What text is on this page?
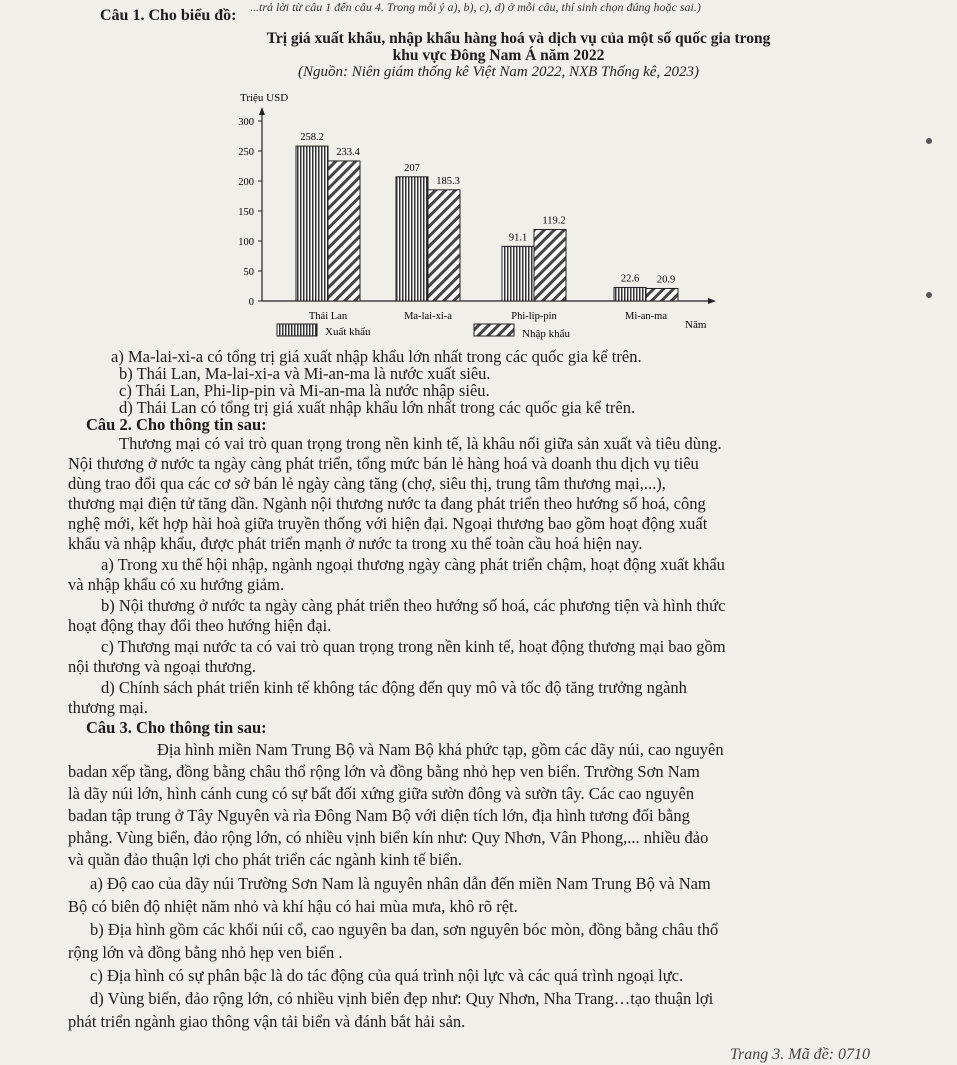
...trả lời từ câu 1 đến câu 4. Trong mỗi ý a), b), c), d) ở mỗi câu, thí sinh chọn đúng hoặc sai.)
Câu 1. Cho biểu đồ:
Trị giá xuất khẩu, nhập khẩu hàng hoá và dịch vụ của một số quốc gia trong
khu vực Đông Nam Á năm 2022
(Nguồn: Niên giám thống kê Việt Nam 2022, NXB Thống kê, 2023)
Triệu USD
0
50
100
150
200
250
300
258.2
233.4
Thái Lan
207
185.3
Ma-lai-xi-a
91.1
119.2
Phi-lip-pin
22.6 20.9
Mi-an-ma
Năm
Xuất khẩu	Nhập khẩu
a) Ma-lai-xi-a có tổng trị giá xuất nhập khẩu lớn nhất trong các quốc gia kể trên.
b) Thái Lan, Ma-lai-xi-a và Mi-an-ma là nước xuất siêu.
c) Thái Lan, Phi-lip-pin và Mi-an-ma là nước nhập siêu.
d) Thái Lan có tổng trị giá xuất nhập khẩu lớn nhất trong các quốc gia kể trên.
Câu 2. Cho thông tin sau:
Thương mại có vai trò quan trọng trong nền kinh tế, là khâu nối giữa sản xuất và tiêu dùng.
Nội thương ở nước ta ngày càng phát triển, tổng mức bán lẻ hàng hoá và doanh thu dịch vụ tiêu
dùng trao đổi qua các cơ sở bán lẻ ngày càng tăng (chợ, siêu thị, trung tâm thương mại,...),
thương mại điện tử tăng dần. Ngành nội thương nước ta đang phát triển theo hướng số hoá, công
nghệ mới, kết hợp hài hoà giữa truyền thống với hiện đại. Ngoại thương bao gồm hoạt động xuất
khẩu và nhập khẩu, được phát triển mạnh ở nước ta trong xu thế toàn cầu hoá hiện nay.
a) Trong xu thế hội nhập, ngành ngoại thương ngày càng phát triển chậm, hoạt động xuất khẩu
và nhập khẩu có xu hướng giảm.
b) Nội thương ở nước ta ngày càng phát triển theo hướng số hoá, các phương tiện và hình thức
hoạt động thay đổi theo hướng hiện đại.
c) Thương mại nước ta có vai trò quan trọng trong nền kinh tế, hoạt động thương mại bao gồm
nội thương và ngoại thương.
d) Chính sách phát triển kinh tế không tác động đến quy mô và tốc độ tăng trưởng ngành
thương mại.
Câu 3. Cho thông tin sau:
Địa hình miền Nam Trung Bộ và Nam Bộ khá phức tạp, gồm các dãy núi, cao nguyên
badan xếp tầng, đồng bằng châu thổ rộng lớn và đồng bằng nhỏ hẹp ven biển. Trường Sơn Nam
là dãy núi lớn, hình cánh cung có sự bất đối xứng giữa sườn đông và sườn tây. Các cao nguyên
badan tập trung ở Tây Nguyên và rìa Đông Nam Bộ với diện tích lớn, địa hình tương đối bằng
phẳng. Vùng biển, đảo rộng lớn, có nhiều vịnh biển kín như: Quy Nhơn, Vân Phong,... nhiều đảo
và quần đảo thuận lợi cho phát triển các ngành kinh tế biển.
a) Độ cao của dãy núi Trường Sơn Nam là nguyên nhân dẫn đến miền Nam Trung Bộ và Nam
Bộ có biên độ nhiệt năm nhỏ và khí hậu có hai mùa mưa, khô rõ rệt.
b) Địa hình gồm các khối núi cổ, cao nguyên ba dan, sơn nguyên bóc mòn, đồng bằng châu thổ
rộng lớn và đồng bằng nhỏ hẹp ven biển .
c) Địa hình có sự phân bậc là do tác động của quá trình nội lực và các quá trình ngoại lực.
d) Vùng biển, đảo rộng lớn, có nhiều vịnh biển đẹp như: Quy Nhơn, Nha Trang…tạo thuận lợi
phát triển ngành giao thông vận tải biển và đánh bắt hải sản.
Trang 3. Mã đề: 0710
